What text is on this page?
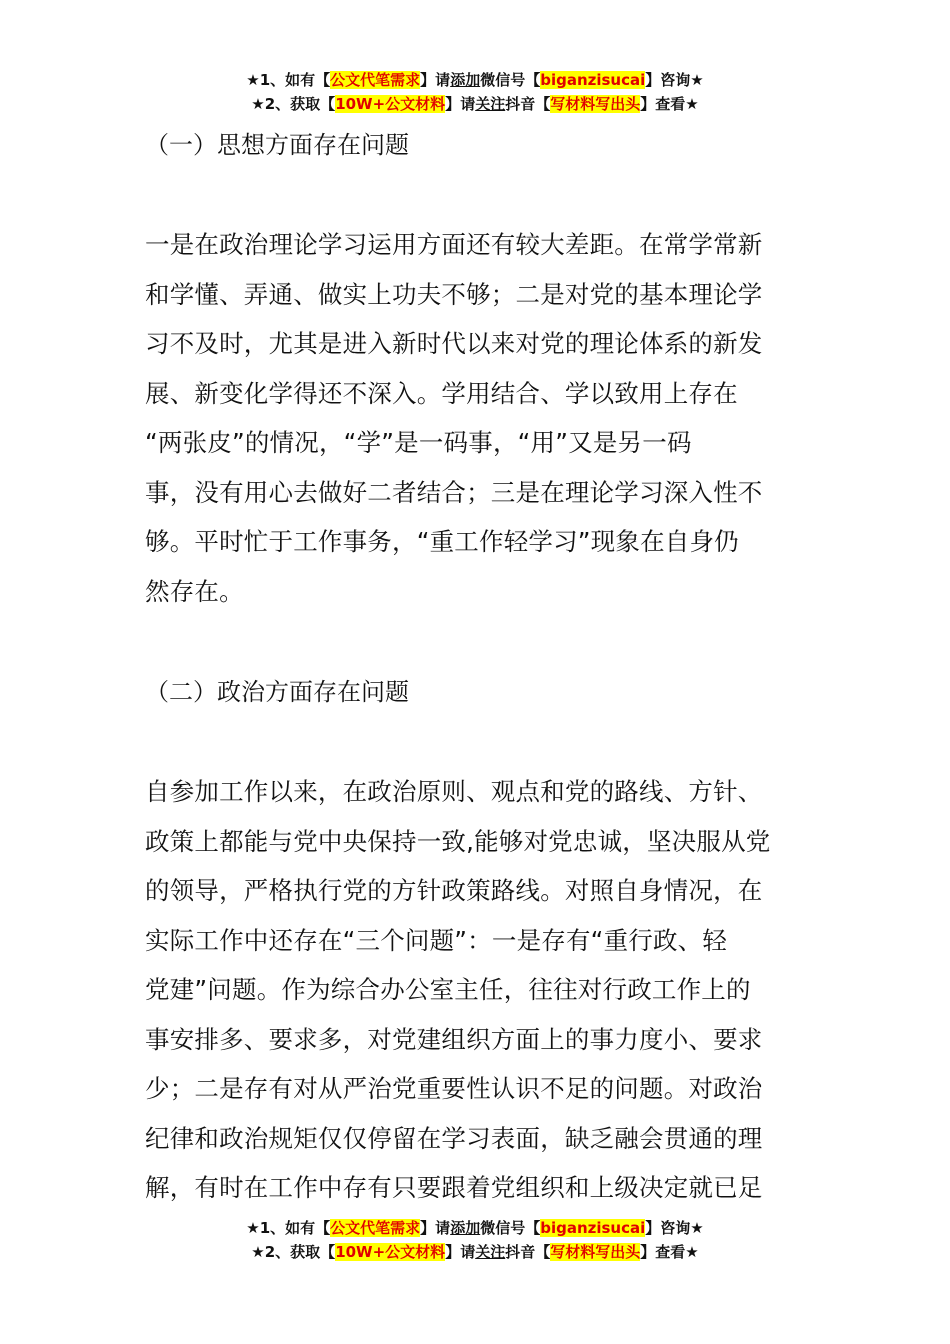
★1、如有【公文代笔需求】请添加微信号【biganzisucai】咨询★
★2、获取【10W+公文材料】请关注抖音【写材料写出头】查看★
（一）思想方面存在问题
一是在政治理论学习运用方面还有较大差距。在常学常新
和学懂、弄通、做实上功夫不够；二是对党的基本理论学
习不及时，尤其是进入新时代以来对党的理论体系的新发
展、新变化学得还不深入。学用结合、学以致用上存在
“两张皮”的情况，“学”是一码事，“用”又是另一码
事，没有用心去做好二者结合；三是在理论学习深入性不
够。平时忙于工作事务，“重工作轻学习”现象在自身仍
然存在。
（二）政治方面存在问题
自参加工作以来，在政治原则、观点和党的路线、方针、
政策上都能与党中央保持一致,能够对党忠诚，坚决服从党
的领导，严格执行党的方针政策路线。对照自身情况，在
实际工作中还存在“三个问题”：一是存有“重行政、轻
党建”问题。作为综合办公室主任，往往对行政工作上的
事安排多、要求多，对党建组织方面上的事力度小、要求
少；二是存有对从严治党重要性认识不足的问题。对政治
纪律和政治规矩仅仅停留在学习表面，缺乏融会贯通的理
解，有时在工作中存有只要跟着党组织和上级决定就已足
★1、如有【公文代笔需求】请添加微信号【biganzisucai】咨询★
★2、获取【10W+公文材料】请关注抖音【写材料写出头】查看★
